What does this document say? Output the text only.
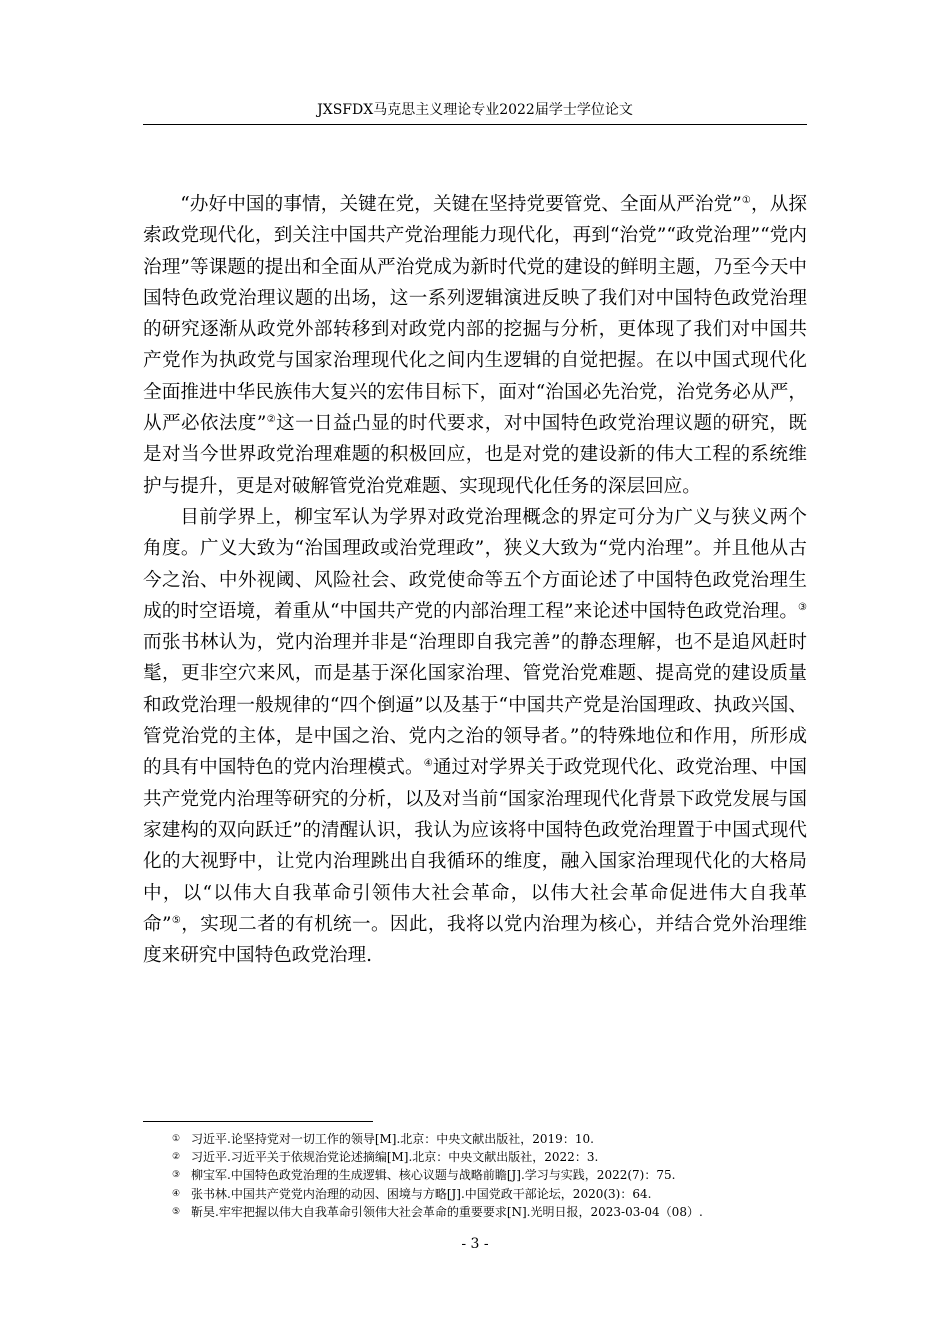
JXSFDX马克思主义理论专业2022届学士学位论文

“办好中国的事情，关键在党，关键在坚持党要管党、全面从严治党”①，从探索政党现代化，到关注中国共产党治理能力现代化，再到“治党”“政党治理”“党内治理”等课题的提出和全面从严治党成为新时代党的建设的鲜明主题，乃至今天中国特色政党治理议题的出场，这一系列逻辑演进反映了我们对中国特色政党治理的研究逐渐从政党外部转移到对政党内部的挖掘与分析，更体现了我们对中国共产党作为执政党与国家治理现代化之间内生逻辑的自觉把握。在以中国式现代化全面推进中华民族伟大复兴的宏伟目标下，面对“治国必先治党，治党务必从严，从严必依法度”②这一日益凸显的时代要求，对中国特色政党治理议题的研究，既是对当今世界政党治理难题的积极回应，也是对党的建设新的伟大工程的系统维护与提升，更是对破解管党治党难题、实现现代化任务的深层回应。

目前学界上，柳宝军认为学界对政党治理概念的界定可分为广义与狭义两个角度。广义大致为“治国理政或治党理政”，狭义大致为“党内治理”。并且他从古今之治、中外视阈、风险社会、政党使命等五个方面论述了中国特色政党治理生成的时空语境，着重从“中国共产党的内部治理工程”来论述中国特色政党治理。③而张书林认为，党内治理并非是“治理即自我完善”的静态理解，也不是追风赶时髦，更非空穴来风，而是基于深化国家治理、管党治党难题、提高党的建设质量和政党治理一般规律的“四个倒逼”以及基于“中国共产党是治国理政、执政兴国、管党治党的主体，是中国之治、党内之治的领导者。”的特殊地位和作用，所形成的具有中国特色的党内治理模式。④通过对学界关于政党现代化、政党治理、中国共产党党内治理等研究的分析，以及对当前“国家治理现代化背景下政党发展与国家建构的双向跃迁”的清醒认识，我认为应该将中国特色政党治理置于中国式现代化的大视野中，让党内治理跳出自我循环的维度，融入国家治理现代化的大格局中，以“以伟大自我革命引领伟大社会革命，以伟大社会革命促进伟大自我革命”⑤，实现二者的有机统一。因此，我将以党内治理为核心，并结合党外治理维度来研究中国特色政党治理.

① 习近平.论坚持党对一切工作的领导[M].北京：中央文献出版社，2019：10.
② 习近平.习近平关于依规治党论述摘编[M].北京：中央文献出版社，2022：3.
③ 柳宝军.中国特色政党治理的生成逻辑、核心议题与战略前瞻[J].学习与实践，2022(7)：75.
④ 张书林.中国共产党党内治理的动因、困境与方略[J].中国党政干部论坛，2020(3)：64.
⑤ 靳昊.牢牢把握以伟大自我革命引领伟大社会革命的重要要求[N].光明日报，2023-03-04（08）.
- 3 -
